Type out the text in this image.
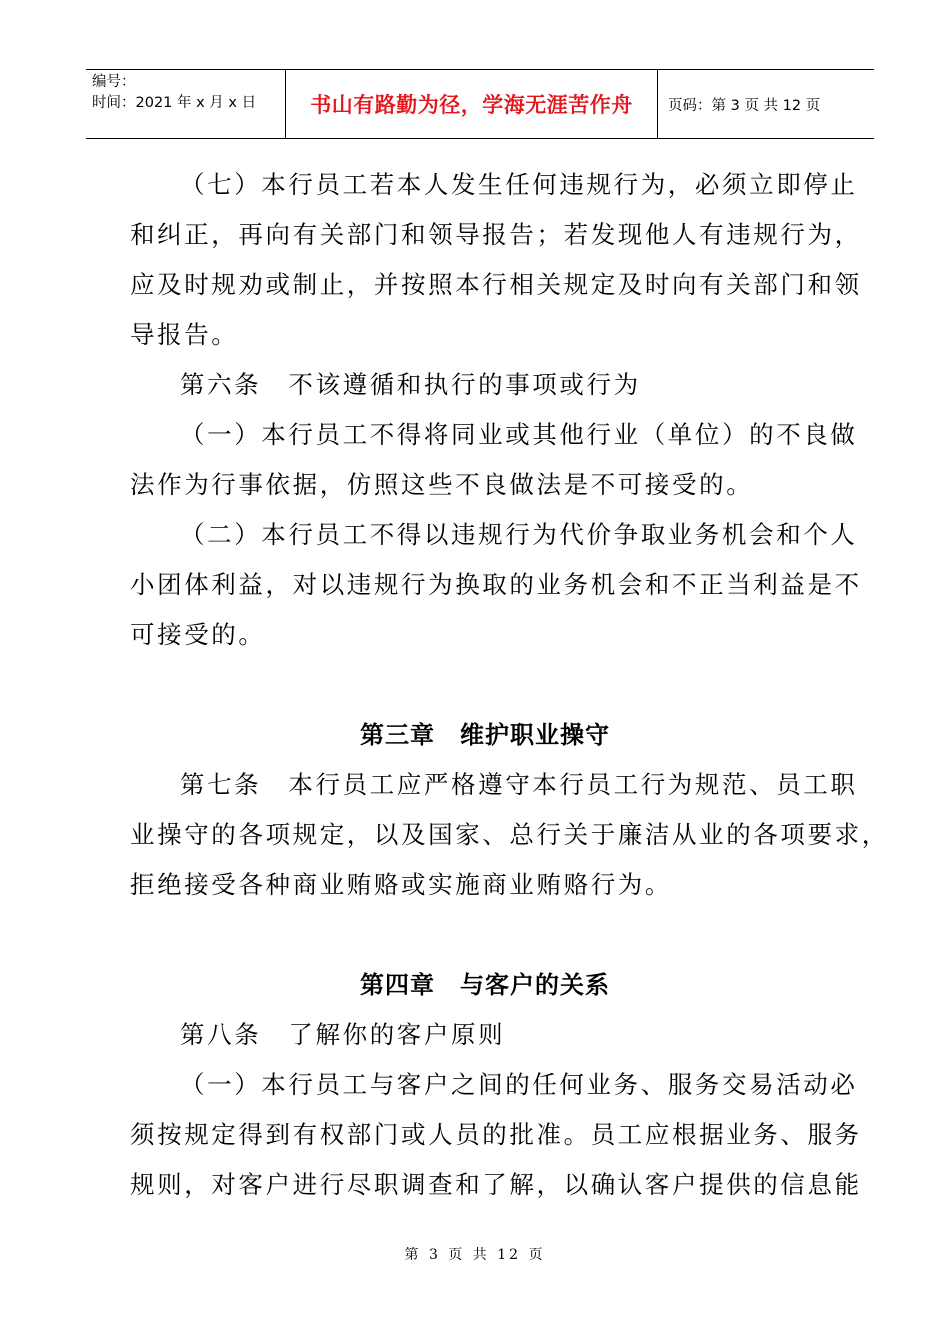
编号：
时间：2021 年 x 月 x 日	书山有路勤为径，学海无涯苦作舟	页码：第 3 页 共 12 页
（七）本行员工若本人发生任何违规行为，必须立即停止
和纠正，再向有关部门和领导报告；若发现他人有违规行为，
应及时规劝或制止，并按照本行相关规定及时向有关部门和领
导报告。
第六条　不该遵循和执行的事项或行为
（一）本行员工不得将同业或其他行业（单位）的不良做
法作为行事依据，仿照这些不良做法是不可接受的。
（二）本行员工不得以违规行为代价争取业务机会和个人
小团体利益，对以违规行为换取的业务机会和不正当利益是不
可接受的。
第三章　维护职业操守
第七条　本行员工应严格遵守本行员工行为规范、员工职
业操守的各项规定，以及国家、总行关于廉洁从业的各项要求，
拒绝接受各种商业贿赂或实施商业贿赂行为。
第四章　与客户的关系
第八条　了解你的客户原则
（一）本行员工与客户之间的任何业务、服务交易活动必
须按规定得到有权部门或人员的批准。员工应根据业务、服务
规则，对客户进行尽职调查和了解，以确认客户提供的信息能
第 3 页 共 12 页
